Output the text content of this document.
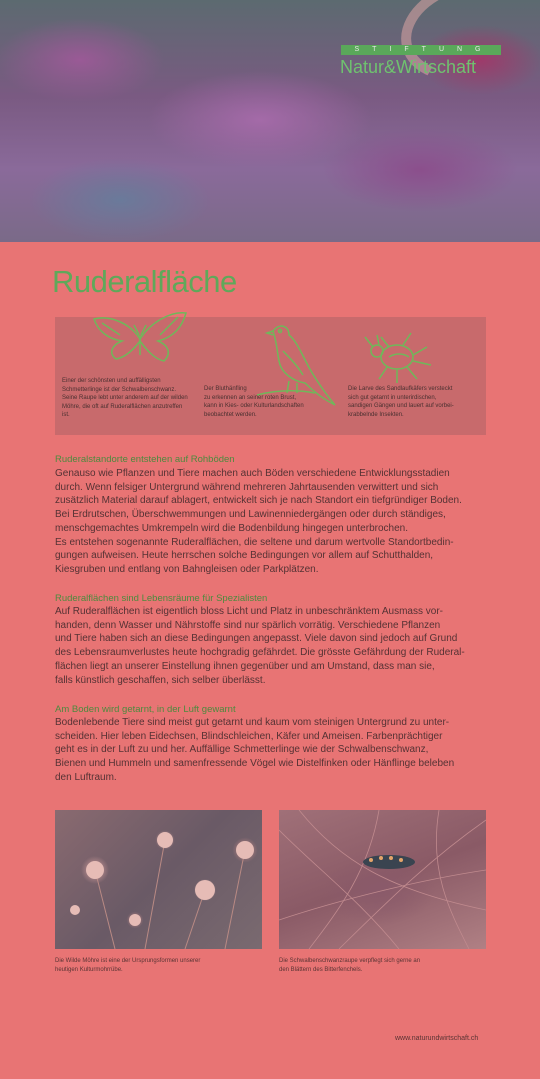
STIFTUNG
Natur&Wirtschaft
Ruderalfläche
Einer der schönsten und auffälligsten Schmetterlinge ist der Schwalbenschwanz. Seine Raupe lebt unter anderem auf der wilden Möhre, die oft auf Ruderalflächen anzutreffen ist.
Der Bluthänfling
zu erkennen an seiner roten Brust,
kann in Kies- oder Kulturlandschaften
beobachtet werden.
Die Larve des Sandlaufkäfers versteckt
sich gut getarnt in unterirdischen,
sandigen Gängen und lauert auf vorbei-
krabbelnde Insekten.
Ruderalstandorte entstehen auf Rohböden

Genauso wie Pflanzen und Tiere machen auch Böden verschiedene Entwicklungsstadien
durch. Wenn felsiger Untergrund während mehreren Jahrtausenden verwittert und sich
zusätzlich Material darauf ablagert, entwickelt sich je nach Standort ein tiefgründiger Boden.
Bei Erdrutschen, Überschwemmungen und Lawinenniedergängen oder durch ständiges,
menschgemachtes Umkrempeln wird die Bodenbildung hingegen unterbrochen.
Es entstehen sogenannte Ruderalflächen, die seltene und darum wertvolle Standortbedin-
gungen aufweisen. Heute herrschen solche Bedingungen vor allem auf Schutthalden,
Kiesgruben und entlang von Bahngleisen oder Parkplätzen.

Ruderalflächen sind Lebensräume für Spezialisten

Auf Ruderalflächen ist eigentlich bloss Licht und Platz in unbeschränktem Ausmass vor-
handen, denn Wasser und Nährstoffe sind nur spärlich vorrätig. Verschiedene Pflanzen
und Tiere haben sich an diese Bedingungen angepasst. Viele davon sind jedoch auf Grund
des Lebensraumverlustes heute hochgradig gefährdet. Die grösste Gefährdung der Ruderal-
flächen liegt an unserer Einstellung ihnen gegenüber und am Umstand, dass man sie,
falls künstlich geschaffen, sich selber überlässt.

Am Boden wird getarnt, in der Luft gewarnt

Bodenlebende Tiere sind meist gut getarnt und kaum vom steinigen Untergrund zu unter-
scheiden. Hier leben Eidechsen, Blindschleichen, Käfer und Ameisen. Farbenprächtiger
geht es in der Luft zu und her. Auffällige Schmetterlinge wie der Schwalbenschwanz,
Bienen und Hummeln und samenfressende Vögel wie Distelfinken oder Hänflinge beleben
den Luftraum.

Die Wilde Möhre ist eine der Ursprungsformen unserer
heutigen Kulturmohrrübe.
Die Schwalbenschwanzraupe verpflegt sich gerne an
den Blättern des Bitterfenchels.
www.naturundwirtschaft.ch
